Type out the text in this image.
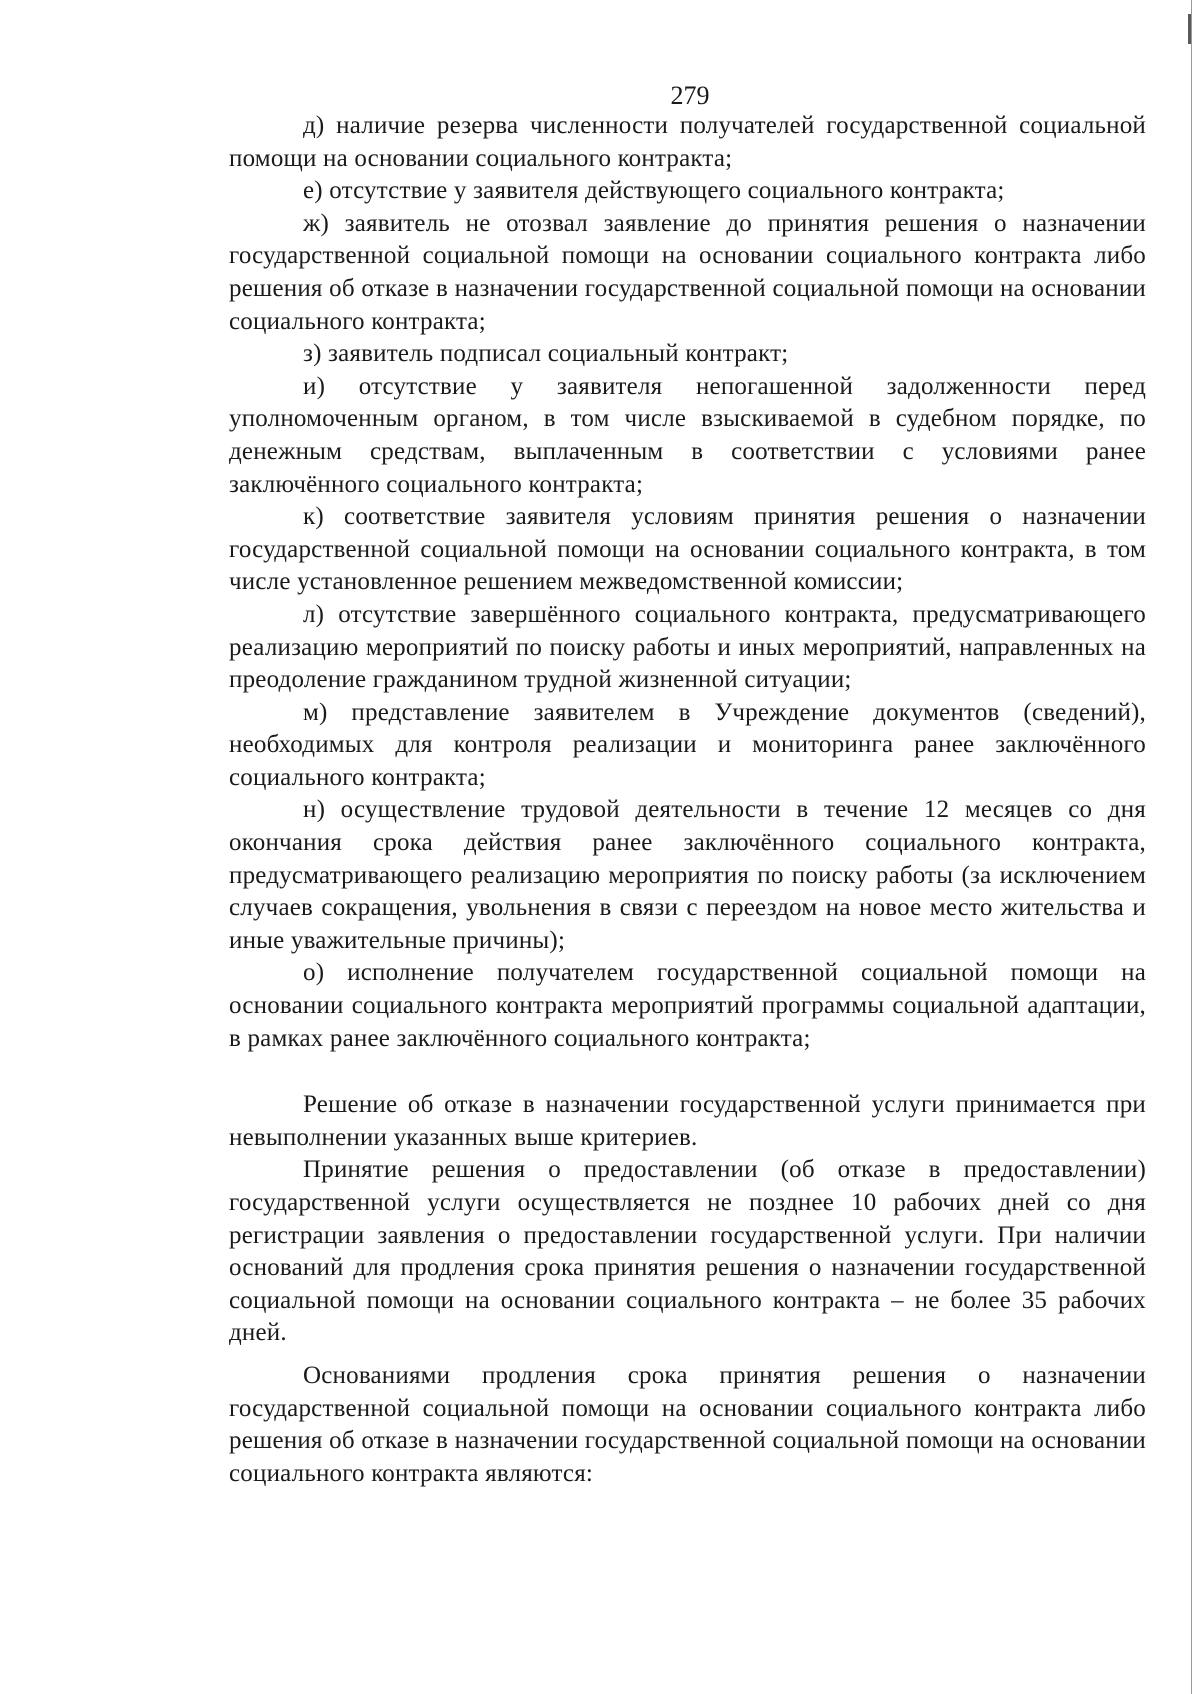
279

д) наличие резерва численности получателей государственной социальной помощи на основании социального контракта;

е) отсутствие у заявителя действующего социального контракта;

ж) заявитель не отозвал заявление до принятия решения о назначении государственной социальной помощи на основании социального контракта либо решения об отказе в назначении государственной социальной помощи на основании социального контракта;

з) заявитель подписал социальный контракт;

и) отсутствие у заявителя непогашенной задолженности перед уполномоченным органом, в том числе взыскиваемой в судебном порядке, по денежным средствам, выплаченным в соответствии с условиями ранее заключённого социального контракта;

к) соответствие заявителя условиям принятия решения о назначении государственной социальной помощи на основании социального контракта, в том числе установленное решением межведомственной комиссии;

л) отсутствие завершённого социального контракта, предусматривающего реализацию мероприятий по поиску работы и иных мероприятий, направленных на преодоление гражданином трудной жизненной ситуации;

м) представление заявителем в Учреждение документов (сведений), необходимых для контроля реализации и мониторинга ранее заключённого социального контракта;

н) осуществление трудовой деятельности в течение 12 месяцев со дня окончания срока действия ранее заключённого социального контракта, предусматривающего реализацию мероприятия по поиску работы (за исключением случаев сокращения, увольнения в связи с переездом на новое место жительства и иные уважительные причины);

о) исполнение получателем государственной социальной помощи на основании социального контракта мероприятий программы социальной адаптации, в рамках ранее заключённого социального контракта;

Решение об отказе в назначении государственной услуги принимается при невыполнении указанных выше критериев.

Принятие решения о предоставлении (об отказе в предоставлении) государственной услуги осуществляется не позднее 10 рабочих дней со дня регистрации заявления о предоставлении государственной услуги. При наличии оснований для продления срока принятия решения о назначении государственной социальной помощи на основании социального контракта – не более 35 рабочих дней.

Основаниями продления срока принятия решения о назначении государственной социальной помощи на основании социального контракта либо решения об отказе в назначении государственной социальной помощи на основании социального контракта являются:
